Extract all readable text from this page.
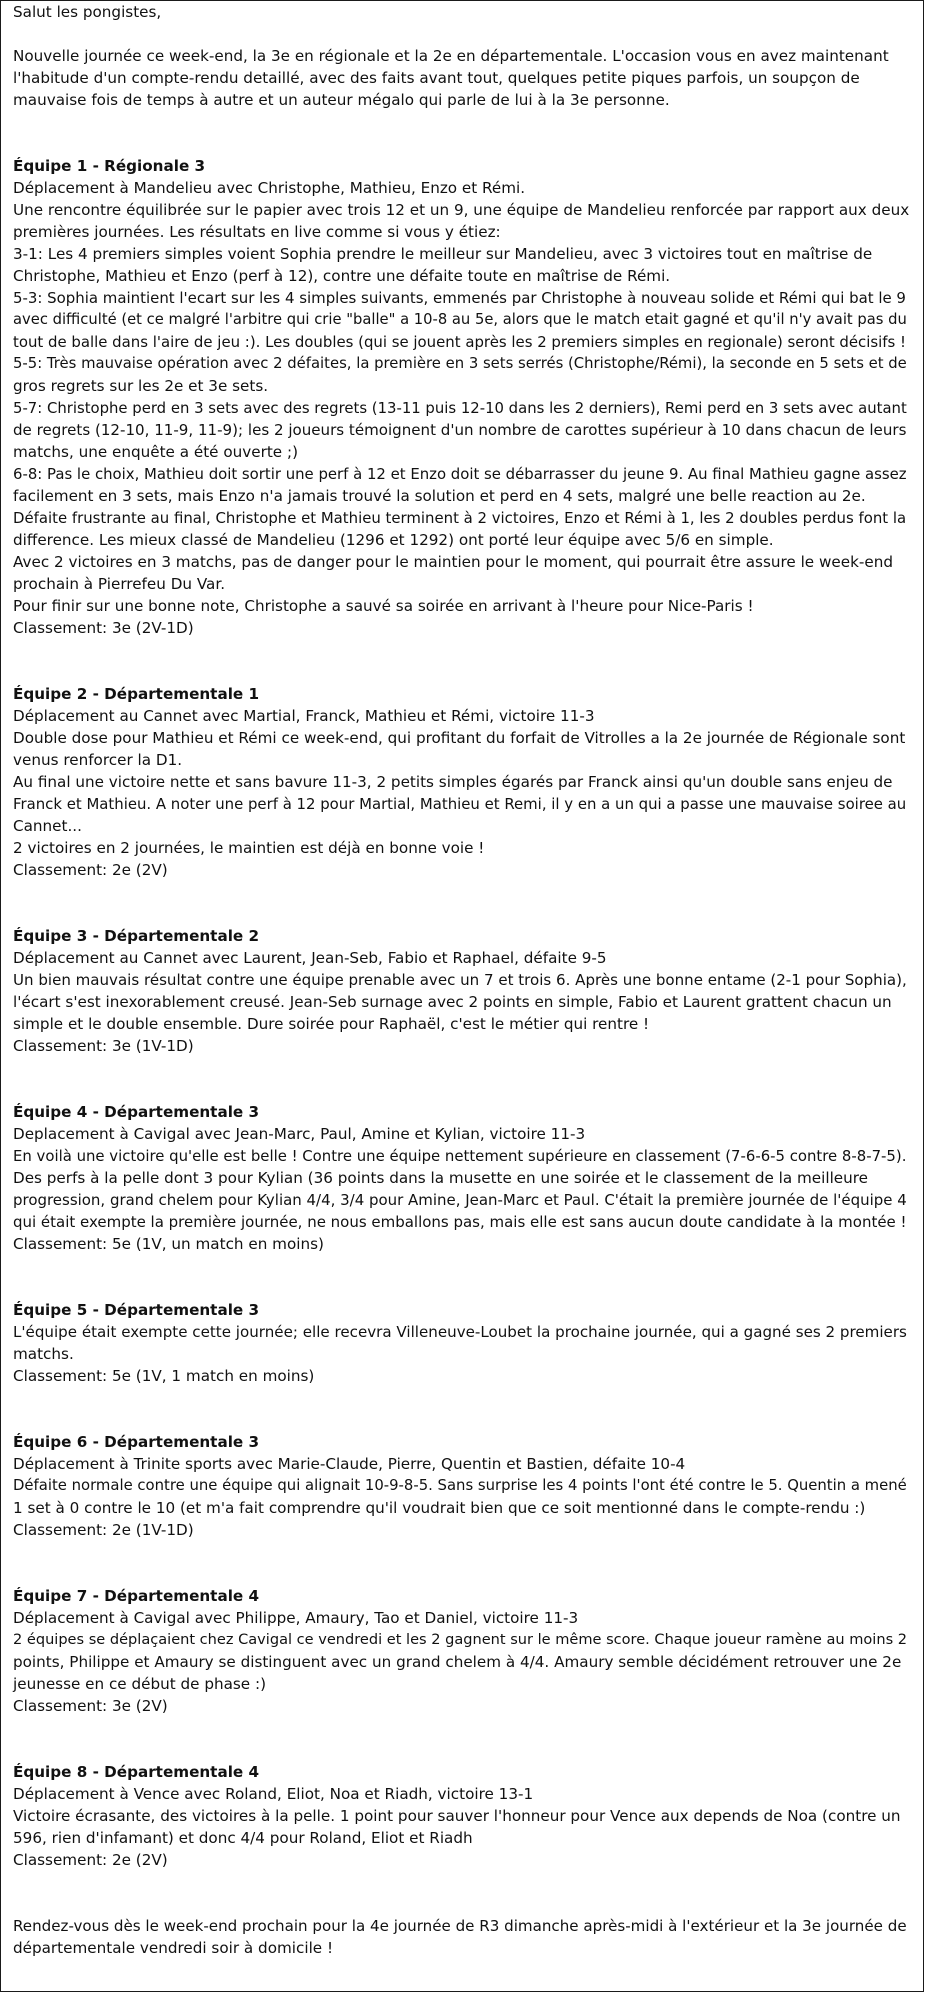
Salut les pongistes,
Nouvelle journée ce week-end, la 3e en régionale et la 2e en départementale. L'occasion vous en avez maintenant
l'habitude d'un compte-rendu detaillé, avec des faits avant tout, quelques petite piques parfois, un soupçon de
mauvaise fois de temps à autre et un auteur mégalo qui parle de lui à la 3e personne.
Équipe 1 - Régionale 3
Déplacement à Mandelieu avec Christophe, Mathieu, Enzo et Rémi.
Une rencontre équilibrée sur le papier avec trois 12 et un 9, une équipe de Mandelieu renforcée par rapport aux deux
premières journées. Les résultats en live comme si vous y étiez:
3-1: Les 4 premiers simples voient Sophia prendre le meilleur sur Mandelieu, avec 3 victoires tout en maîtrise de
Christophe, Mathieu et Enzo (perf à 12), contre une défaite toute en maîtrise de Rémi.
5-3: Sophia maintient l'ecart sur les 4 simples suivants, emmenés par Christophe à nouveau solide et Rémi qui bat le 9
avec difficulté (et ce malgré l'arbitre qui crie "balle" a 10-8 au 5e, alors que le match etait gagné et qu'il n'y avait pas du
tout de balle dans l'aire de jeu :). Les doubles (qui se jouent après les 2 premiers simples en regionale) seront décisifs !
5-5: Très mauvaise opération avec 2 défaites, la première en 3 sets serrés (Christophe/Rémi), la seconde en 5 sets et de
gros regrets sur les 2e et 3e sets.
5-7: Christophe perd en 3 sets avec des regrets (13-11 puis 12-10 dans les 2 derniers), Remi perd en 3 sets avec autant
de regrets (12-10, 11-9, 11-9); les 2 joueurs témoignent d'un nombre de carottes supérieur à 10 dans chacun de leurs
matchs, une enquête a été ouverte ;)
6-8: Pas le choix, Mathieu doit sortir une perf à 12 et Enzo doit se débarrasser du jeune 9. Au final Mathieu gagne assez
facilement en 3 sets, mais Enzo n'a jamais trouvé la solution et perd en 4 sets, malgré une belle reaction au 2e.
Défaite frustrante au final, Christophe et Mathieu terminent à 2 victoires, Enzo et Rémi à 1, les 2 doubles perdus font la
difference. Les mieux classé de Mandelieu (1296 et 1292) ont porté leur équipe avec 5/6 en simple.
Avec 2 victoires en 3 matchs, pas de danger pour le maintien pour le moment, qui pourrait être assure le week-end
prochain à Pierrefeu Du Var.
Pour finir sur une bonne note, Christophe a sauvé sa soirée en arrivant à l'heure pour Nice-Paris !
Classement: 3e (2V-1D)
Équipe 2 - Départementale 1
Déplacement au Cannet avec Martial, Franck, Mathieu et Rémi, victoire 11-3
Double dose pour Mathieu et Rémi ce week-end, qui profitant du forfait de Vitrolles a la 2e journée de Régionale sont
venus renforcer la D1.
Au final une victoire nette et sans bavure 11-3, 2 petits simples égarés par Franck ainsi qu'un double sans enjeu de
Franck et Mathieu. A noter une perf à 12 pour Martial, Mathieu et Remi, il y en a un qui a passe une mauvaise soiree au
Cannet...
2 victoires en 2 journées, le maintien est déjà en bonne voie !
Classement: 2e (2V)
Équipe 3 - Départementale 2
Déplacement au Cannet avec Laurent, Jean-Seb, Fabio et Raphael, défaite 9-5
Un bien mauvais résultat contre une équipe prenable avec un 7 et trois 6. Après une bonne entame (2-1 pour Sophia),
l'écart s'est inexorablement creusé. Jean-Seb surnage avec 2 points en simple, Fabio et Laurent grattent chacun un
simple et le double ensemble. Dure soirée pour Raphaël, c'est le métier qui rentre !
Classement: 3e (1V-1D)
Équipe 4 - Départementale 3
Deplacement à Cavigal avec Jean-Marc, Paul, Amine et Kylian, victoire 11-3
En voilà une victoire qu'elle est belle ! Contre une équipe nettement supérieure en classement (7-6-6-5 contre 8-8-7-5).
Des perfs à la pelle dont 3 pour Kylian (36 points dans la musette en une soirée et le classement de la meilleure
progression, grand chelem pour Kylian 4/4, 3/4 pour Amine, Jean-Marc et Paul. C'était la première journée de l'équipe 4
qui était exempte la première journée, ne nous emballons pas, mais elle est sans aucun doute candidate à la montée !
Classement: 5e (1V, un match en moins)
Équipe 5 - Départementale 3
L'équipe était exempte cette journée; elle recevra Villeneuve-Loubet la prochaine journée, qui a gagné ses 2 premiers
matchs.
Classement: 5e (1V, 1 match en moins)
Équipe 6 - Départementale 3
Déplacement à Trinite sports avec Marie-Claude, Pierre, Quentin et Bastien, défaite 10-4
Défaite normale contre une équipe qui alignait 10-9-8-5. Sans surprise les 4 points l'ont été contre le 5. Quentin a mené
1 set à 0 contre le 10 (et m'a fait comprendre qu'il voudrait bien que ce soit mentionné dans le compte-rendu :)
Classement: 2e (1V-1D)
Équipe 7 - Départementale 4
Déplacement à Cavigal avec Philippe, Amaury, Tao et Daniel, victoire 11-3
2 équipes se déplaçaient chez Cavigal ce vendredi et les 2 gagnent sur le même score. Chaque joueur ramène au moins 2
points, Philippe et Amaury se distinguent avec un grand chelem à 4/4. Amaury semble décidément retrouver une 2e
jeunesse en ce début de phase :)
Classement: 3e (2V)
Équipe 8 - Départementale 4
Déplacement à Vence avec Roland, Eliot, Noa et Riadh, victoire 13-1
Victoire écrasante, des victoires à la pelle. 1 point pour sauver l'honneur pour Vence aux depends de Noa (contre un
596, rien d'infamant) et donc 4/4 pour Roland, Eliot et Riadh
Classement: 2e (2V)
Rendez-vous dès le week-end prochain pour la 4e journée de R3 dimanche après-midi à l'extérieur et la 3e journée de
départementale vendredi soir à domicile !
